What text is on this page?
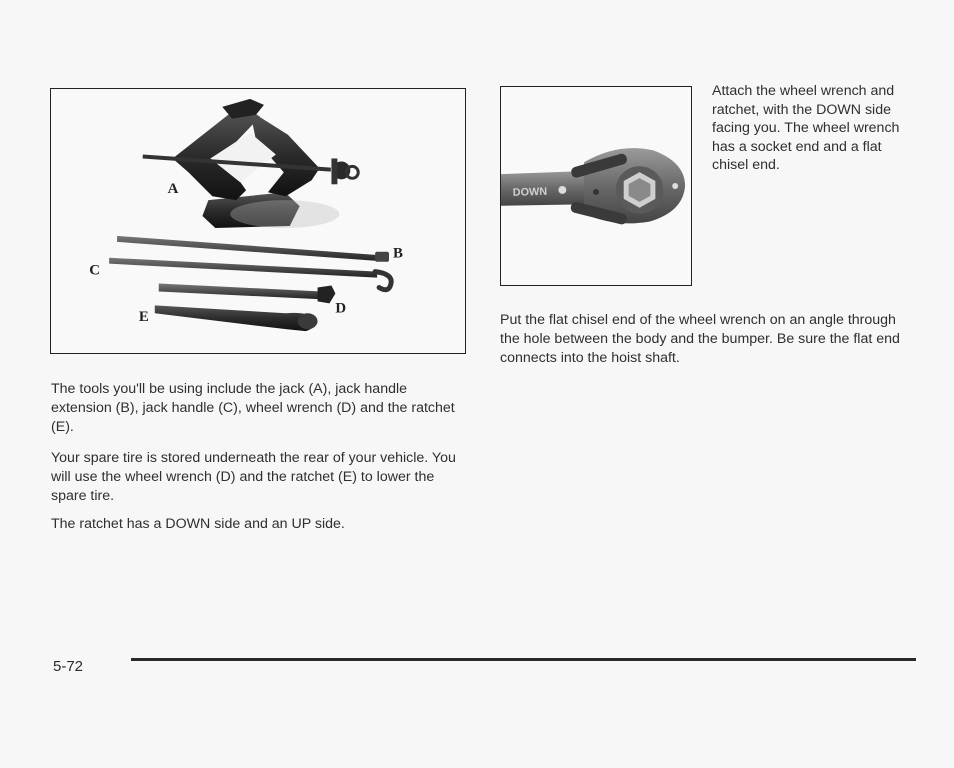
A
B
C
D
E
DOWN

Attach the wheel wrench and ratchet, with the DOWN side facing you. The wheel wrench has a socket end and a flat chisel end.

Put the flat chisel end of the wheel wrench on an angle through the hole between the body and the bumper. Be sure the flat end connects into the hoist shaft.

The tools you'll be using include the jack (A), jack handle extension (B), jack handle (C), wheel wrench (D) and the ratchet (E).

Your spare tire is stored underneath the rear of your vehicle. You will use the wheel wrench (D) and the ratchet (E) to lower the spare tire.

The ratchet has a DOWN side and an UP side.

5-72
